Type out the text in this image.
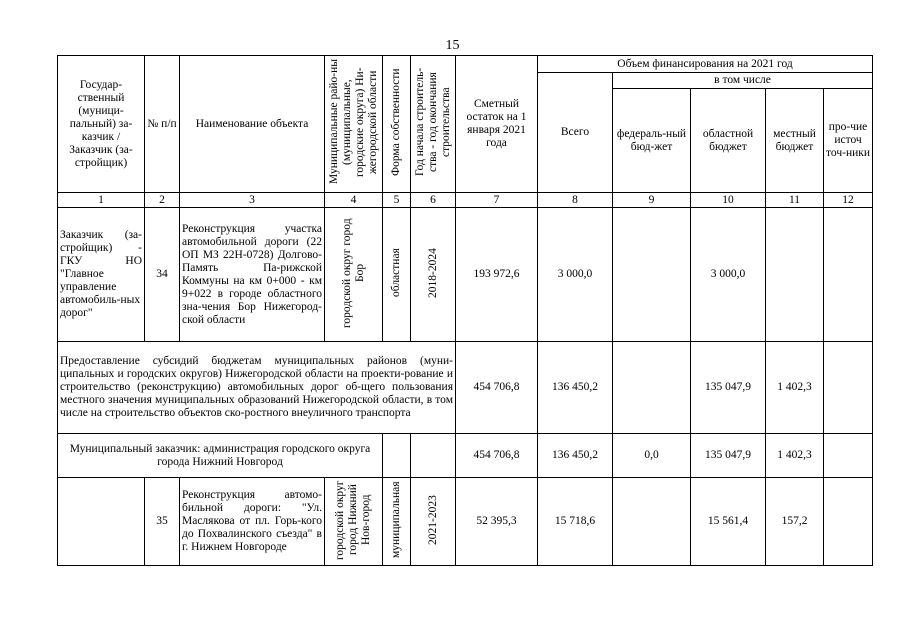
15
Государ-ственный (муници-пальный) за-казчик / Заказчик (за-стройщик)	№ п/п	Наименование объекта	Муниципальные райо-ны (муниципальные, городские округа) Ни-жегородской области	Форма собственности	Год начала строитель-ства - год окончания строительства	Сметный остаток на 1 января 2021 года	Объем финансирования на 2021 год				
							Всего	в том числе			
								федераль-ный бюд-жет	областной бюджет	местный бюджет	про-чие источ точ-ники
1	2	3	4	5	6	7	8	9	10	11	12
Заказчик (за-стройщик) - ГКУ НО "Главное управление автомобиль-ных дорог"	34	Реконструкция участка автомобильной дороги (22 ОП МЗ 22Н-0728) Долгово-Память Па-рижской Коммуны на км 0+000 - км 9+022 в городе областного зна-чения Бор Нижегород-ской области	городской округ город Бор	областная	2018-2024	193 972,6	3 000,0		3 000,0		
Предоставление субсидий бюджетам муниципальных районов (муни-ципальных и городских округов) Нижегородской области на проекти-рование и строительство (реконструкцию) автомобильных дорог об-щего пользования местного значения муниципальных образований Нижегородской области, в том числе на строительство объектов ско-ростного внеуличного транспорта						454 706,8	136 450,2		135 047,9	1 402,3	
Муниципальный заказчик: администрация городского округа города Нижний Новгород						454 706,8	136 450,2	0,0	135 047,9	1 402,3	
	35	Реконструкция автомо-бильной дороги: "Ул. Маслякова от пл. Горь-кого до Похвалинского съезда" в г. Нижнем Новгороде	городской округ город Нижний Нов-город	муниципальная	2021-2023	52 395,3	15 718,6		15 561,4	157,2	
